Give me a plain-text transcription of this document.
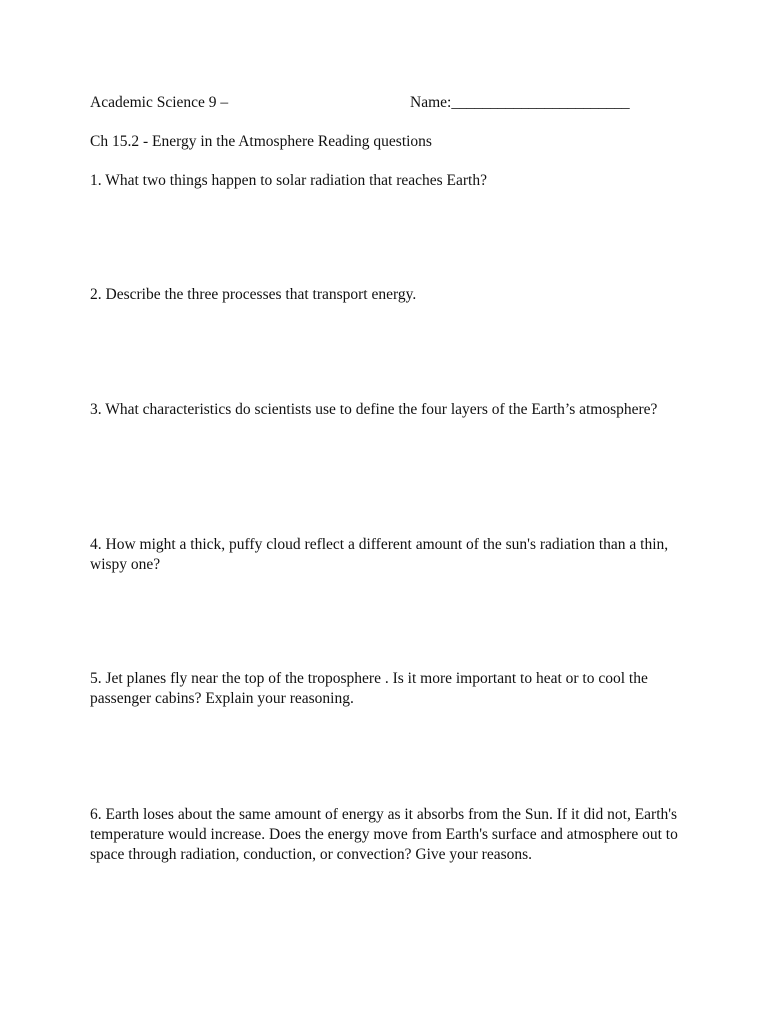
Academic Science 9 –	Name:_______________________
Ch 15.2 - Energy in the Atmosphere Reading questions
1. What two things happen to solar radiation that reaches Earth?
2. Describe the three processes that transport energy.
3. What characteristics do scientists use to define the four layers of the Earth’s atmosphere?
4. How might a thick, puffy cloud reflect a different amount of the sun's radiation than a thin, wispy one?
5. Jet planes fly near the top of the troposphere . Is it more important to heat or to cool the passenger cabins? Explain your reasoning.
6. Earth loses about the same amount of energy as it absorbs from the Sun. If it did not, Earth's temperature would increase. Does the energy move from Earth's surface and atmosphere out to space through radiation, conduction, or convection? Give your reasons.
